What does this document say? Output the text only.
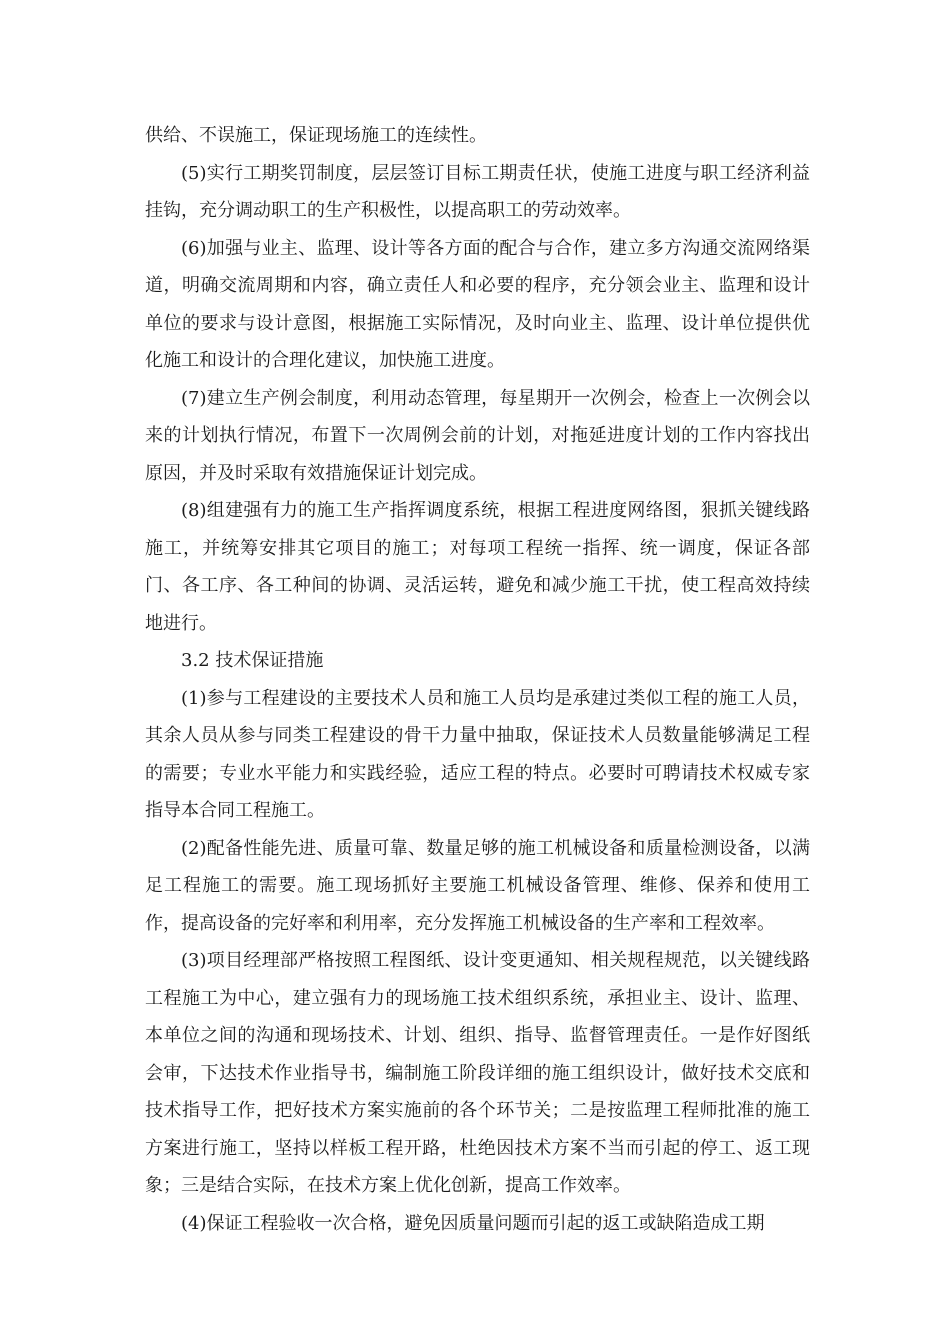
供给、不误施工，保证现场施工的连续性。

(5)实行工期奖罚制度，层层签订目标工期责任状，使施工进度与职工经济利益挂钩，充分调动职工的生产积极性，以提高职工的劳动效率。

(6)加强与业主、监理、设计等各方面的配合与合作，建立多方沟通交流网络渠道，明确交流周期和内容，确立责任人和必要的程序，充分领会业主、监理和设计单位的要求与设计意图，根据施工实际情况，及时向业主、监理、设计单位提供优化施工和设计的合理化建议，加快施工进度。

(7)建立生产例会制度，利用动态管理，每星期开一次例会，检查上一次例会以来的计划执行情况，布置下一次周例会前的计划，对拖延进度计划的工作内容找出原因，并及时采取有效措施保证计划完成。

(8)组建强有力的施工生产指挥调度系统，根据工程进度网络图，狠抓关键线路施工，并统筹安排其它项目的施工；对每项工程统一指挥、统一调度，保证各部门、各工序、各工种间的协调、灵活运转，避免和减少施工干扰，使工程高效持续地进行。

3.2 技术保证措施

(1)参与工程建设的主要技术人员和施工人员均是承建过类似工程的施工人员，其余人员从参与同类工程建设的骨干力量中抽取，保证技术人员数量能够满足工程的需要；专业水平能力和实践经验，适应工程的特点。必要时可聘请技术权威专家指导本合同工程施工。

(2)配备性能先进、质量可靠、数量足够的施工机械设备和质量检测设备，以满足工程施工的需要。施工现场抓好主要施工机械设备管理、维修、保养和使用工作，提高设备的完好率和利用率，充分发挥施工机械设备的生产率和工程效率。

(3)项目经理部严格按照工程图纸、设计变更通知、相关规程规范，以关键线路工程施工为中心，建立强有力的现场施工技术组织系统，承担业主、设计、监理、本单位之间的沟通和现场技术、计划、组织、指导、监督管理责任。一是作好图纸会审，下达技术作业指导书，编制施工阶段详细的施工组织设计，做好技术交底和技术指导工作，把好技术方案实施前的各个环节关；二是按监理工程师批准的施工方案进行施工，坚持以样板工程开路，杜绝因技术方案不当而引起的停工、返工现象；三是结合实际，在技术方案上优化创新，提高工作效率。

(4)保证工程验收一次合格，避免因质量问题而引起的返工或缺陷造成工期
